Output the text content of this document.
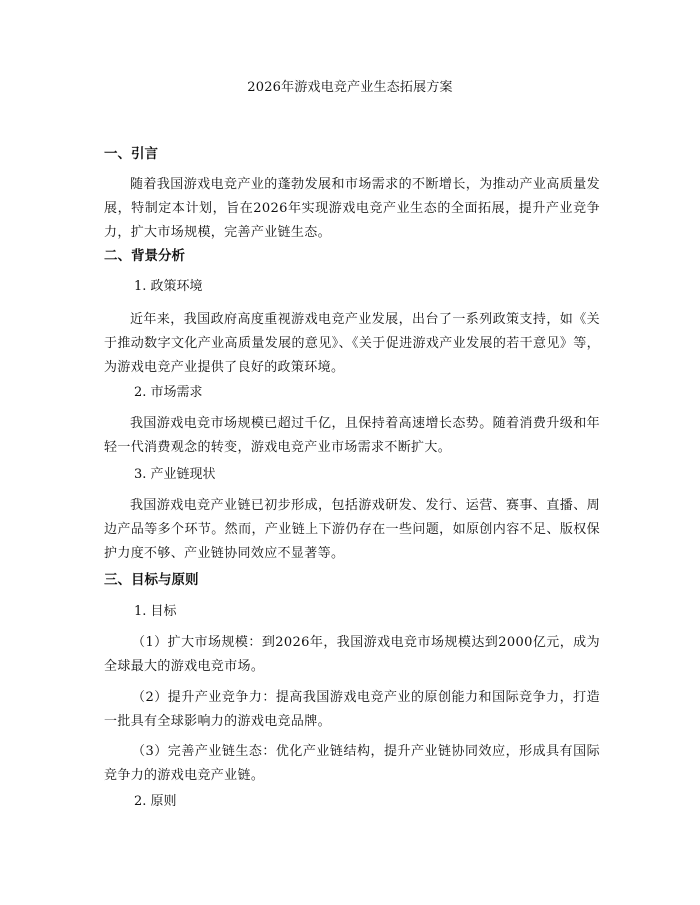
2026年游戏电竞产业生态拓展方案
一、引言
随着我国游戏电竞产业的蓬勃发展和市场需求的不断增长，为推动产业高质量发展，特制定本计划，旨在2026年实现游戏电竞产业生态的全面拓展，提升产业竞争力，扩大市场规模，完善产业链生态。
二、背景分析
1. 政策环境
近年来，我国政府高度重视游戏电竞产业发展，出台了一系列政策支持，如《关于推动数字文化产业高质量发展的意见》、《关于促进游戏产业发展的若干意见》等，为游戏电竞产业提供了良好的政策环境。
2. 市场需求
我国游戏电竞市场规模已超过千亿，且保持着高速增长态势。随着消费升级和年轻一代消费观念的转变，游戏电竞产业市场需求不断扩大。
3. 产业链现状
我国游戏电竞产业链已初步形成，包括游戏研发、发行、运营、赛事、直播、周边产品等多个环节。然而，产业链上下游仍存在一些问题，如原创内容不足、版权保护力度不够、产业链协同效应不显著等。
三、目标与原则
1. 目标
（1）扩大市场规模：到2026年，我国游戏电竞市场规模达到2000亿元，成为全球最大的游戏电竞市场。
（2）提升产业竞争力：提高我国游戏电竞产业的原创能力和国际竞争力，打造一批具有全球影响力的游戏电竞品牌。
（3）完善产业链生态：优化产业链结构，提升产业链协同效应，形成具有国际竞争力的游戏电竞产业链。
2. 原则
